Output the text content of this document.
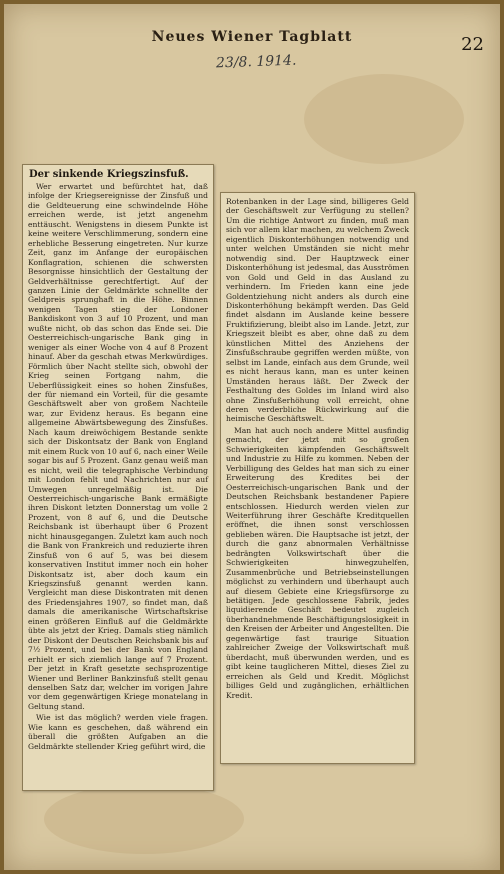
Neues Wiener Tagblatt	22
23/8. 1914.
Der sinkende Kriegszinsfuß.

Wer erwartet und befürchtet hat, daß infolge der Kriegsereignisse der Zinsfuß und die Geldteuerung eine schwindelnde Höhe erreichen werde, ist jetzt angenehm enttäuscht. Wenigstens in diesem Punkte ist keine weitere Verschlimmerung, sondern eine erhebliche Besserung eingetreten. Nur kurze Zeit, ganz im Anfange der europäischen Konflagration, schienen die schwersten Besorgnisse hinsichtlich der Gestaltung der Geldverhältnisse gerechtfertigt. Auf der ganzen Linie der Geldmärkte schnellte der Geldpreis sprunghaft in die Höhe. Binnen wenigen Tagen stieg der Londoner Bankdiskont von 3 auf 10 Prozent, und man wußte nicht, ob das schon das Ende sei. Die Oesterreichisch-ungarische Bank ging in weniger als einer Woche von 4 auf 8 Prozent hinauf. Aber da geschah etwas Merkwürdiges. Förmlich über Nacht stellte sich, obwohl der Krieg seinen Fortgang nahm, die Ueberflüssigkeit eines so hohen Zinsfußes, der für niemand ein Vorteil, für die gesamte Geschäftswelt aber von großem Nachteile war, zur Evidenz heraus. Es begann eine allgemeine Abwärtsbewegung des Zinsfußes. Nach kaum dreiwöchigem Bestande senkte sich der Diskontsatz der Bank von England mit einem Ruck von 10 auf 6, nach einer Weile sogar bis auf 5 Prozent. Ganz genau weiß man es nicht, weil die telegraphische Verbindung mit London fehlt und Nachrichten nur auf Umwegen unregelmäßig ist. Die Oesterreichisch-ungarische Bank ermäßigte ihren Diskont letzten Donnerstag um volle 2 Prozent, von 8 auf 6, und die Deutsche Reichsbank ist überhaupt über 6 Prozent nicht hinausgegangen. Zuletzt kam auch noch die Bank von Frankreich und reduzierte ihren Zinsfuß von 6 auf 5, was bei diesem konservativen Institut immer noch ein hoher Diskontsatz ist, aber doch kaum ein Kriegszinsfuß genannt werden kann. Vergleicht man diese Diskontraten mit denen des Friedensjahres 1907, so findet man, daß damals die amerikanische Wirtschaftskrise einen größeren Einfluß auf die Geldmärkte übte als jetzt der Krieg. Damals stieg nämlich der Diskont der Deutschen Reichsbank bis auf 7½ Prozent, und bei der Bank von England erhielt er sich ziemlich lange auf 7 Prozent. Der jetzt in Kraft gesetzte sechsprozentige Wiener und Berliner Bankzinsfuß stellt genau denselben Satz dar, welcher im vorigen Jahre vor dem gegenwärtigen Kriege monatelang in Geltung stand.

Wie ist das möglich? werden viele fragen. Wie kann es geschehen, daß während ein überall die größten Aufgaben an die Geldmärkte stellender Krieg geführt wird, die

Rotenbanken in der Lage sind, billigeres Geld der Geschäftswelt zur Verfügung zu stellen? Um die richtige Antwort zu finden, muß man sich vor allem klar machen, zu welchem Zweck eigentlich Diskonterhöhungen notwendig und unter welchen Umständen sie nicht mehr notwendig sind. Der Hauptzweck einer Diskonterhöhung ist jedesmal, das Ausströmen von Gold und Geld in das Ausland zu verhindern. Im Frieden kann eine jede Goldentziehung nicht anders als durch eine Diskonterhöhung bekämpft werden. Das Geld findet alsdann im Auslande keine bessere Fruktifizierung, bleibt also im Lande. Jetzt, zur Kriegszeit bleibt es aber, ohne daß zu dem künstlichen Mittel des Anziehens der Zinsfußschraube gegriffen werden müßte, von selbst im Lande, einfach aus dem Grunde, weil es nicht heraus kann, man es unter keinen Umständen heraus läßt. Der Zweck der Festhaltung des Goldes im Inland wird also ohne Zinsfußerhöhung voll erreicht, ohne deren verderbliche Rückwirkung auf die heimische Geschäftswelt.

Man hat auch noch andere Mittel ausfindig gemacht, der jetzt mit so großen Schwierigkeiten kämpfenden Geschäftswelt und Industrie zu Hilfe zu kommen. Neben der Verbilligung des Geldes hat man sich zu einer Erweiterung des Kredites bei der Oesterreichisch-ungarischen Bank und der Deutschen Reichsbank bestandener Papiere entschlossen. Hiedurch werden vielen zur Weiterführung ihrer Geschäfte Kreditquellen eröffnet, die ihnen sonst verschlossen geblieben wären. Die Hauptsache ist jetzt, der durch die ganz abnormalen Verhältnisse bedrängten Volkswirtschaft über die Schwierigkeiten hinwegzuhelfen, Zusammenbrüche und Betriebseinstellungen möglichst zu verhindern und überhaupt auch auf diesem Gebiete eine Kriegsfürsorge zu betätigen. Jede geschlossene Fabrik, jedes liquidierende Geschäft bedeutet zugleich überhandnehmende Beschäftigungslosigkeit in den Kreisen der Arbeiter und Angestellten. Die gegenwärtige fast traurige Situation zahlreicher Zweige der Volkswirtschaft muß überdacht, muß überwunden werden, und es gibt keine tauglicheren Mittel, dieses Ziel zu erreichen als Geld und Kredit. Möglichst billiges Geld und zugänglichen, erhältlichen Kredit.
